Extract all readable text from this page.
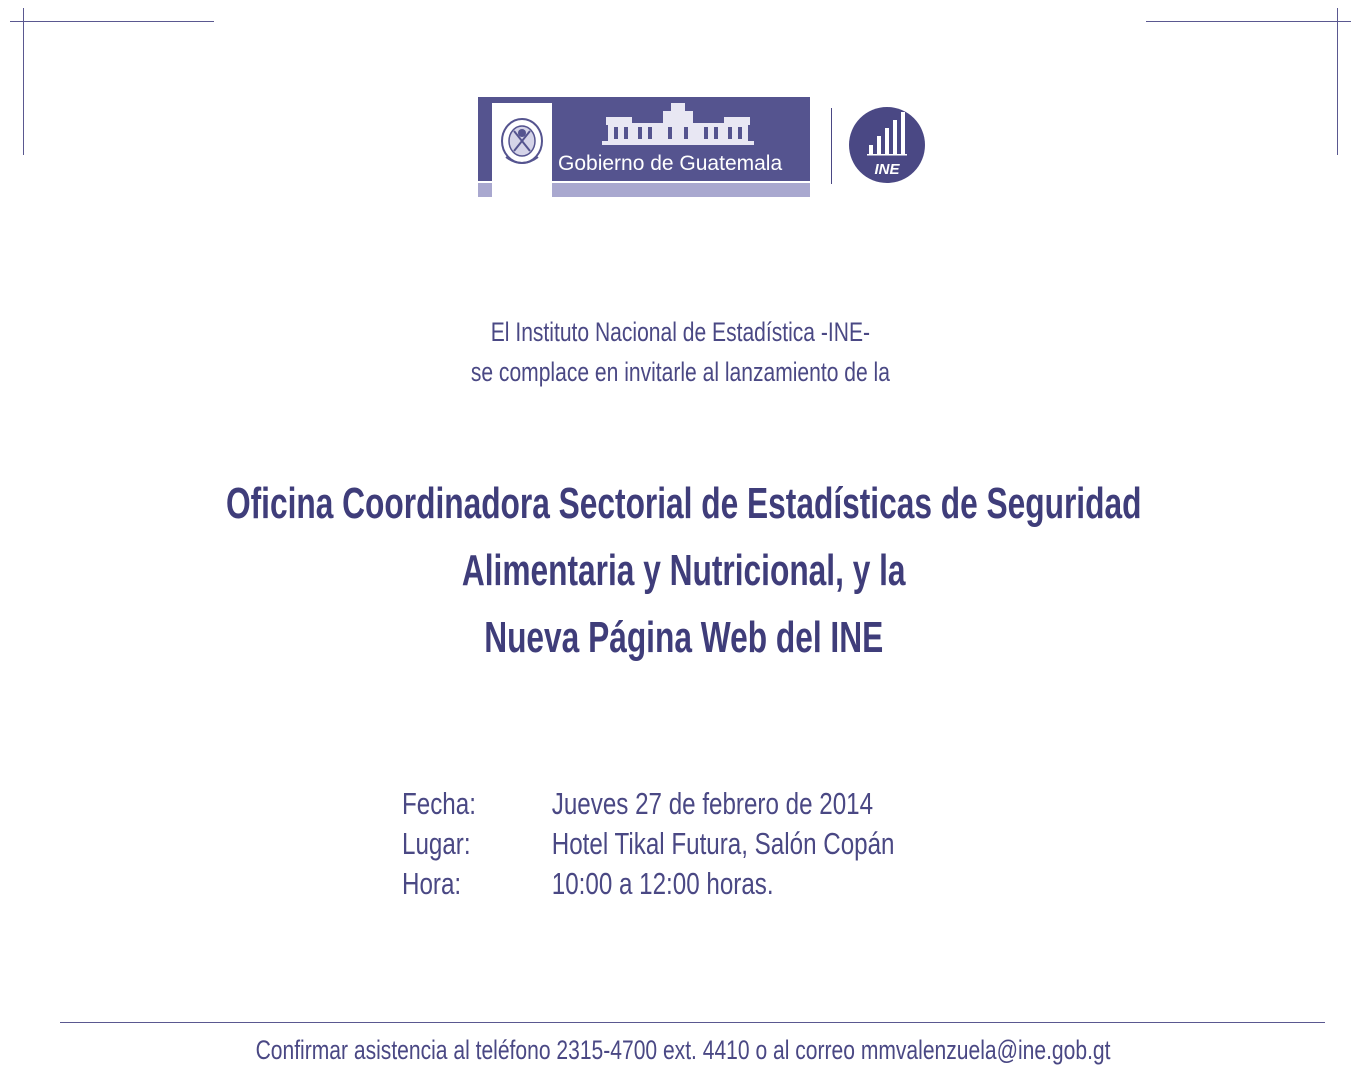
Gobierno de Guatemala	INE
El Instituto Nacional de Estadística -INE-
se complace en invitarle al lanzamiento de la
Oficina Coordinadora Sectorial de Estadísticas de Seguridad
Alimentaria y Nutricional, y la
Nueva Página Web del INE
Fecha: Jueves 27 de febrero de 2014
Lugar:	Hotel Tikal Futura, Salón Copán
Hora:	10:00 a 12:00 horas.
Confirmar asistencia al teléfono 2315-4700 ext. 4410 o al correo mmvalenzuela@ine.gob.gt
